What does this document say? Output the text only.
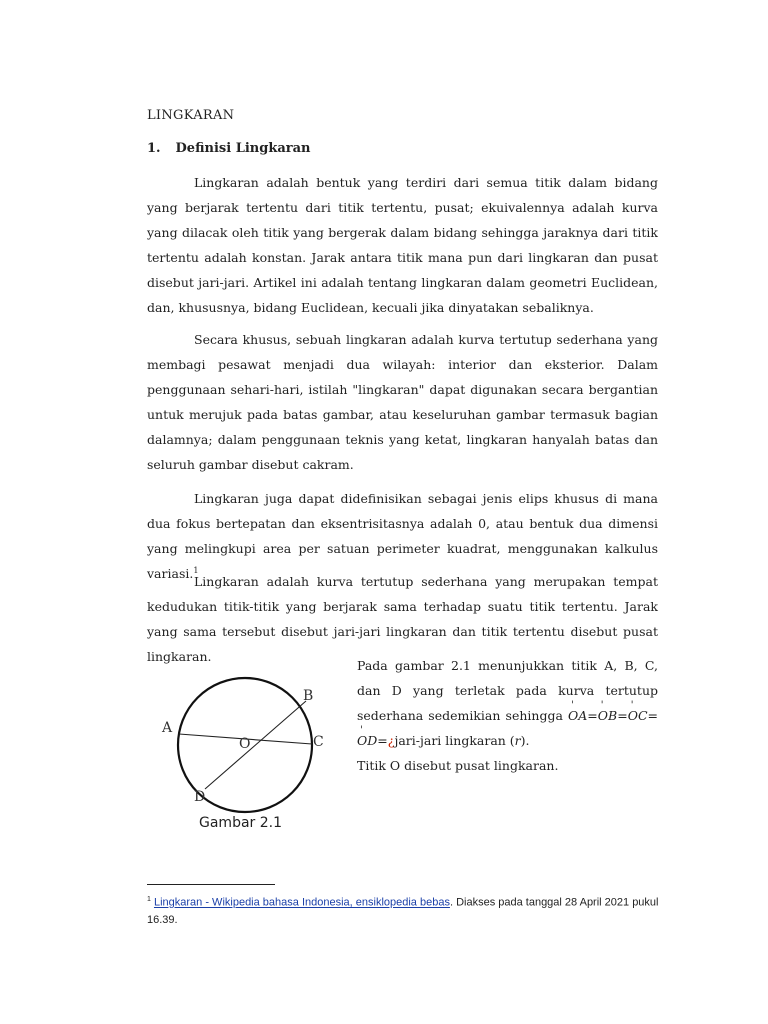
LINGKARAN
1. Definisi Lingkaran

Lingkaran adalah bentuk yang terdiri dari semua titik dalam bidang yang berjarak tertentu dari titik tertentu, pusat; ekuivalennya adalah kurva yang dilacak oleh titik yang bergerak dalam bidang sehingga jaraknya dari titik tertentu adalah konstan. Jarak antara titik mana pun dari lingkaran dan pusat disebut jari-jari. Artikel ini adalah tentang lingkaran dalam geometri Euclidean, dan, khususnya, bidang Euclidean, kecuali jika dinyatakan sebaliknya.

Secara khusus, sebuah lingkaran adalah kurva tertutup sederhana yang membagi pesawat menjadi dua wilayah: interior dan eksterior. Dalam penggunaan sehari-hari, istilah "lingkaran" dapat digunakan secara bergantian untuk merujuk pada batas gambar, atau keseluruhan gambar termasuk bagian dalamnya; dalam penggunaan teknis yang ketat, lingkaran hanyalah batas dan seluruh gambar disebut cakram.

Lingkaran juga dapat didefinisikan sebagai jenis elips khusus di mana dua fokus bertepatan dan eksentrisitasnya adalah 0, atau bentuk dua dimensi yang melingkupi area per satuan perimeter kuadrat, menggunakan kalkulus variasi.$^1$

Lingkaran adalah kurva tertutup sederhana yang merupakan tempat kedudukan titik-titik yang berjarak sama terhadap suatu titik tertentu. Jarak yang sama tersebut disebut jari-jari lingkaran dan titik tertentu disebut pusat lingkaran.

A
B
C
D
O
Gambar 2.1

Pada gambar 2.1 menunjukkan titik A, B, C, dan D yang terletak pada kurva tertutup sederhana sedemikian sehingga OA '=OB '=OC '=OD '=¿jari-jari lingkaran (r).

Titik O disebut pusat lingkaran.

$^1$ Lingkaran - Wikipedia bahasa Indonesia, ensiklopedia bebas. Diakses pada tanggal 28 April 2021 pukul 16.39.
